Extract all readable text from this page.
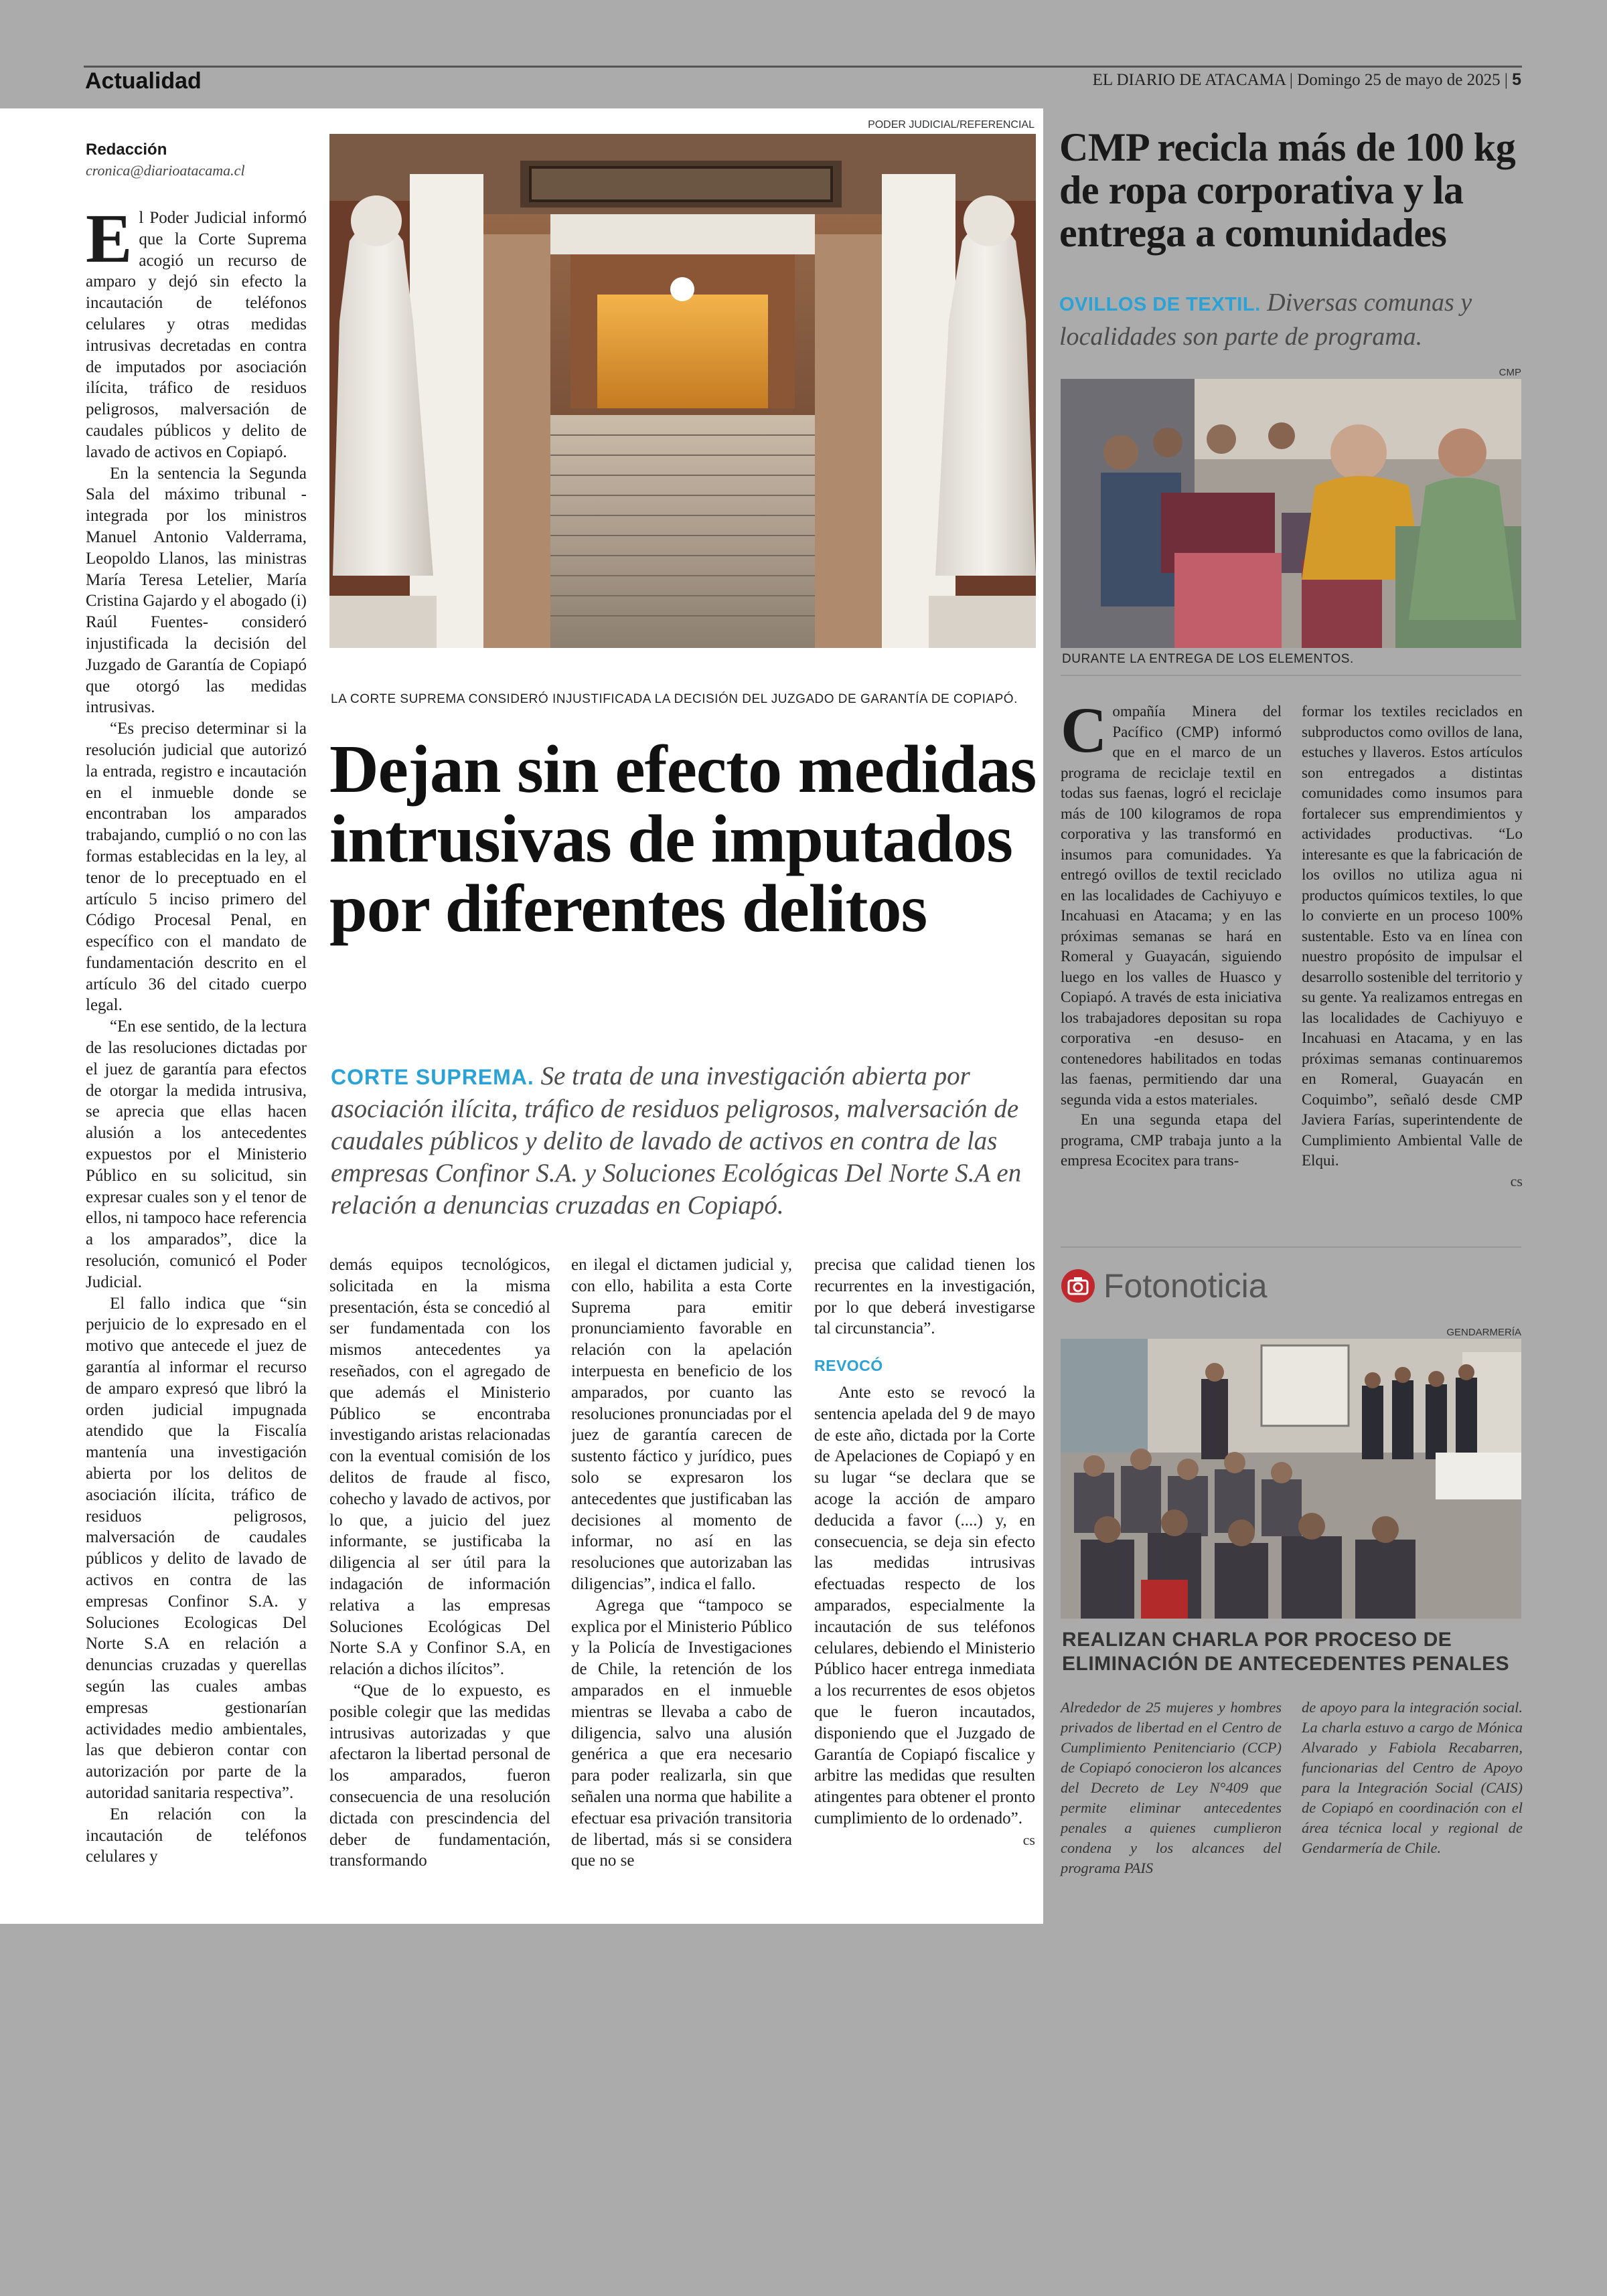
Actualidad	EL DIARIO DE ATACAMA | Domingo 25 de mayo de 2025 | 5
Redacción
cronica@diarioatacama.cl

El Poder Judicial informó que la Corte Suprema acogió un recurso de amparo y dejó sin efecto la incautación de teléfonos celulares y otras medidas intrusivas decretadas en contra de imputados por asociación ilícita, tráfico de residuos peligrosos, malversación de caudales públicos y delito de lavado de activos en Copiapó.

En la sentencia la Segunda Sala del máximo tribunal -integrada por los ministros Manuel Antonio Valderrama, Leopoldo Llanos, las ministras María Teresa Letelier, María Cristina Gajardo y el abogado (i) Raúl Fuentes- consideró injustificada la decisión del Juzgado de Garantía de Copiapó que otorgó las medidas intrusivas.

“Es preciso determinar si la resolución judicial que autorizó la entrada, registro e incautación en el inmueble donde se encontraban los amparados trabajando, cumplió o no con las formas establecidas en la ley, al tenor de lo preceptuado en el artículo 5 inciso primero del Código Procesal Penal, en específico con el mandato de fundamentación descrito en el artículo 36 del citado cuerpo legal.

“En ese sentido, de la lectura de las resoluciones dictadas por el juez de garantía para efectos de otorgar la medida intrusiva, se aprecia que ellas hacen alusión a los antecedentes expuestos por el Ministerio Público en su solicitud, sin expresar cuales son y el tenor de ellos, ni tampoco hace referencia a los amparados”, dice la resolución, comunicó el Poder Judicial.

El fallo indica que “sin perjuicio de lo expresado en el motivo que antecede el juez de garantía al informar el recurso de amparo expresó que libró la orden judicial impugnada atendido que la Fiscalía mantenía una investigación abierta por los delitos de asociación ilícita, tráfico de residuos peligrosos, malversación de caudales públicos y delito de lavado de activos en contra de las empresas Confinor S.A. y Soluciones Ecologicas Del Norte S.A en relación a denuncias cruzadas y querellas según las cuales ambas empresas gestionarían actividades medio ambientales, las que debieron contar con autorización por parte de la autoridad sanitaria respectiva”.

En relación con la incautación de teléfonos celulares y

PODER JUDICIAL/REFERENCIAL
LA CORTE SUPREMA CONSIDERÓ INJUSTIFICADA LA DECISIÓN DEL JUZGADO DE GARANTÍA DE COPIAPÓ.
Dejan sin efecto medidas intrusivas de imputados por diferentes delitos
CORTE SUPREMA. Se trata de una investigación abierta por asociación ilícita, tráfico de residuos peligrosos, malversación de caudales públicos y delito de lavado de activos en contra de las empresas Confinor S.A. y Soluciones Ecológicas Del Norte S.A en relación a denuncias cruzadas en Copiapó.

demás equipos tecnológicos, solicitada en la misma presentación, ésta se concedió al ser fundamentada con los mismos antecedentes ya reseñados, con el agregado de que además el Ministerio Público se encontraba investigando aristas relacionadas con la eventual comisión de los delitos de fraude al fisco, cohecho y lavado de activos, por lo que, a juicio del juez informante, se justificaba la diligencia al ser útil para la indagación de información relativa a las empresas Soluciones Ecológicas Del Norte S.A y Confinor S.A, en relación a dichos ilícitos”.

“Que de lo expuesto, es posible colegir que las medidas intrusivas autorizadas y que afectaron la libertad personal de los amparados, fueron consecuencia de una resolución dictada con prescindencia del deber de fundamentación, transformando

en ilegal el dictamen judicial y, con ello, habilita a esta Corte Suprema para emitir pronunciamiento favorable en relación con la apelación interpuesta en beneficio de los amparados, por cuanto las resoluciones pronunciadas por el juez de garantía carecen de sustento fáctico y jurídico, pues solo se expresaron los antecedentes que justificaban las decisiones al momento de informar, no así en las resoluciones que autorizaban las diligencias”, indica el fallo.

Agrega que “tampoco se explica por el Ministerio Público y la Policía de Investigaciones de Chile, la retención de los amparados en el inmueble mientras se llevaba a cabo de diligencia, salvo una alusión genérica a que era necesario para poder realizarla, sin que señalen una norma que habilite a efectuar esa privación transitoria de libertad, más si se considera que no se

precisa que calidad tienen los recurrentes en la investigación, por lo que deberá investigarse tal circunstancia”.

REVOCÓ

Ante esto se revocó la sentencia apelada del 9 de mayo de este año, dictada por la Corte de Apelaciones de Copiapó y en su lugar “se declara que se acoge la acción de amparo deducida a favor (....) y, en consecuencia, se deja sin efecto las medidas intrusivas efectuadas respecto de los amparados, especialmente la incautación de sus teléfonos celulares, debiendo el Ministerio Público hacer entrega inmediata a los recurrentes de esos objetos que le fueron incautados, disponiendo que el Juzgado de Garantía de Copiapó fiscalice y arbitre las medidas que resulten atingentes para obtener el pronto cumplimiento de lo ordenado”.

cs
CMP recicla más de 100 kg de ropa corporativa y la entrega a comunidades
OVILLOS DE TEXTIL. Diversas comunas y localidades son parte de programa.
CMP
DURANTE LA ENTREGA DE LOS ELEMENTOS.

Compañía Minera del Pacífico (CMP) informó que en el marco de un programa de reciclaje textil en todas sus faenas, logró el reciclaje más de 100 kilogramos de ropa corporativa y las transformó en insumos para comunidades. Ya entregó ovillos de textil reciclado en las localidades de Cachiyuyo e Incahuasi en Atacama; y en las próximas semanas se hará en Romeral y Guayacán, siguiendo luego en los valles de Huasco y Copiapó. A través de esta iniciativa los trabajadores depositan su ropa corporativa -en desuso- en contenedores habilitados en todas las faenas, permitiendo dar una segunda vida a estos materiales.

En una segunda etapa del programa, CMP trabaja junto a la empresa Ecocitex para trans-

formar los textiles reciclados en subproductos como ovillos de lana, estuches y llaveros. Estos artículos son entregados a distintas comunidades como insumos para fortalecer sus emprendimientos y actividades productivas. “Lo interesante es que la fabricación de los ovillos no utiliza agua ni productos químicos textiles, lo que lo convierte en un proceso 100% sustentable. Esto va en línea con nuestro propósito de impulsar el desarrollo sostenible del territorio y su gente. Ya realizamos entregas en las localidades de Cachiyuyo e Incahuasi en Atacama, y en las próximas semanas continuaremos en Romeral, Guayacán en Coquimbo”, señaló desde CMP Javiera Farías, superintendente de Cumplimiento Ambiental Valle de Elqui.

cs
Fotonoticia
GENDARMERÍA
REALIZAN CHARLA POR PROCESO DE ELIMINACIÓN DE ANTECEDENTES PENALES
Alrededor de 25 mujeres y hombres privados de libertad en el Centro de Cumplimiento Penitenciario (CCP) de Copiapó conocieron los alcances del Decreto de Ley N°409 que permite eliminar antecedentes penales a quienes cumplieron condena y los alcances del programa PAIS
de apoyo para la integración social. La charla estuvo a cargo de Mónica Alvarado y Fabiola Recabarren, funcionarias del Centro de Apoyo para la Integración Social (CAIS) de Copiapó en coordinación con el área técnica local y regional de Gendarmería de Chile.
